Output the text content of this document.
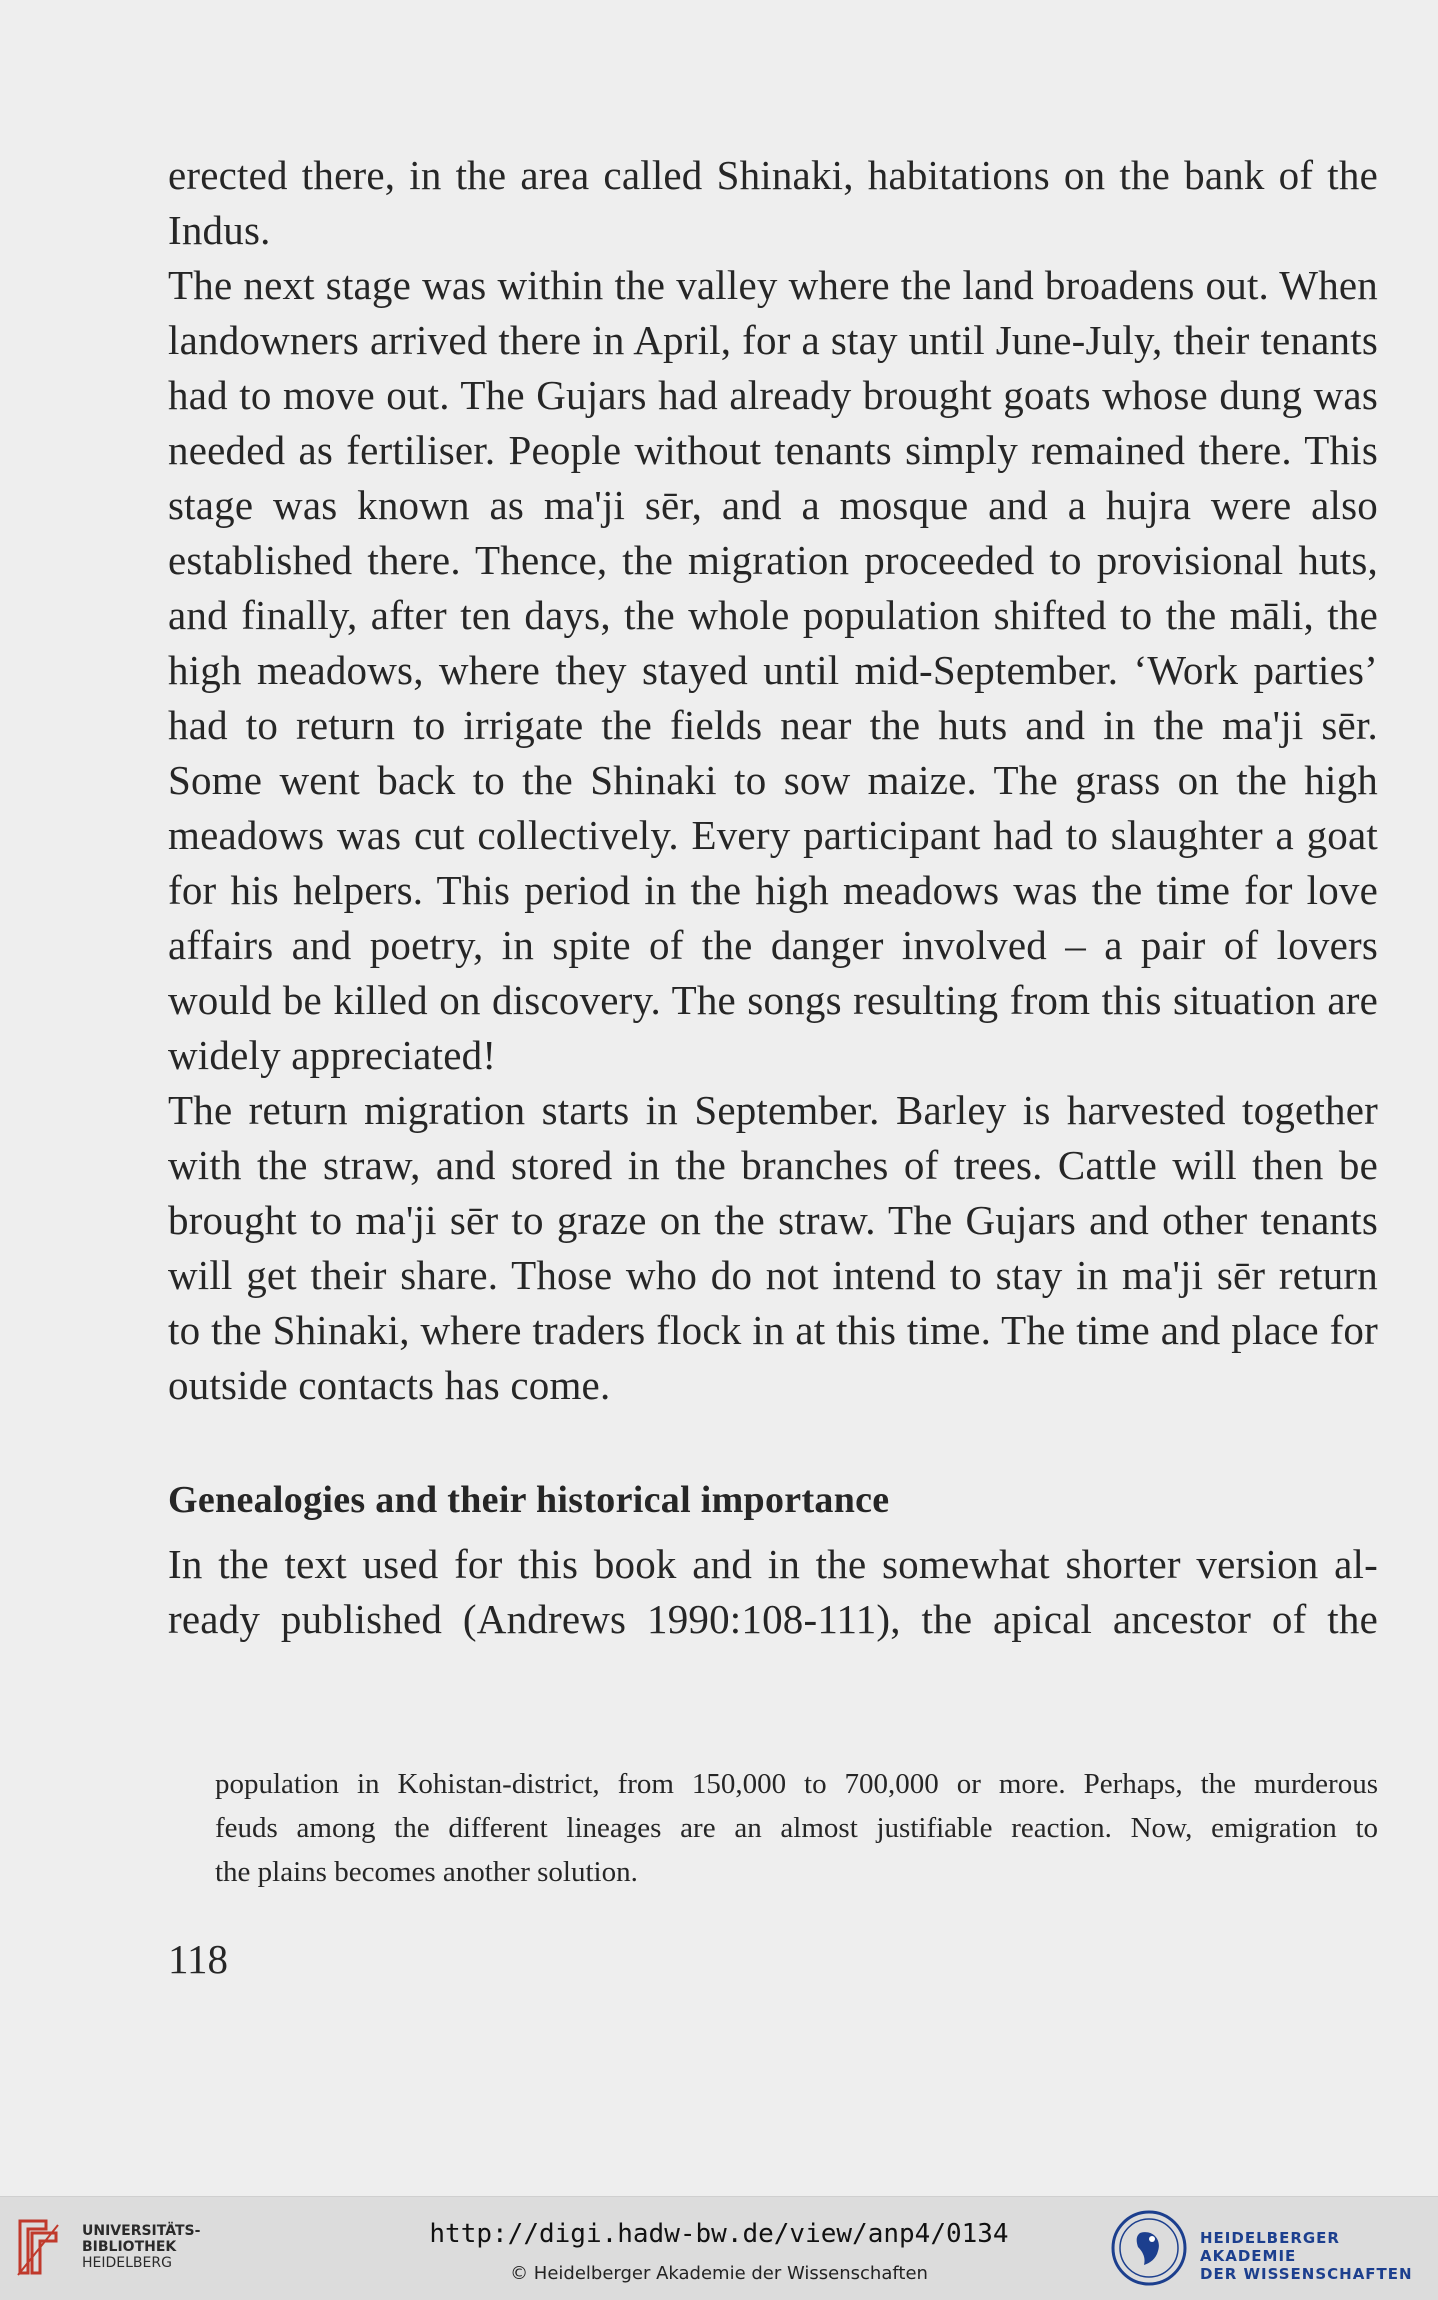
erected there, in the area called Shinaki, habitations on the bank of the
Indus.
The next stage was within the valley where the land broadens out. When
landowners arrived there in April, for a stay until June-July, their tenants
had to move out. The Gujars had already brought goats whose dung was
needed as fertiliser. People without tenants simply remained there. This
stage was known as ma'ji sēr, and a mosque and a hujra were also
established there. Thence, the migration proceeded to provisional huts,
and finally, after ten days, the whole population shifted to the māli, the
high meadows, where they stayed until mid-September. ‘Work parties’
had to return to irrigate the fields near the huts and in the ma'ji sēr.
Some went back to the Shinaki to sow maize. The grass on the high
meadows was cut collectively. Every participant had to slaughter a goat
for his helpers. This period in the high meadows was the time for love
affairs and poetry, in spite of the danger involved – a pair of lovers
would be killed on discovery. The songs resulting from this situation are
widely appreciated!
The return migration starts in September. Barley is harvested together
with the straw, and stored in the branches of trees. Cattle will then be
brought to ma'ji sēr to graze on the straw. The Gujars and other tenants
will get their share. Those who do not intend to stay in ma'ji sēr return
to the Shinaki, where traders flock in at this time. The time and place for
outside contacts has come.
Genealogies and their historical importance
In the text used for this book and in the somewhat shorter version al-
ready published (Andrews 1990:108-111), the apical ancestor of the
population in Kohistan-district, from 150,000 to 700,000 or more. Perhaps, the murderous
feuds among the different lineages are an almost justifiable reaction. Now, emigration to
the plains becomes another solution.
118
UNIVERSITÄTS-
BIBLIOTHEK
HEIDELBERG
http://digi.hadw-bw.de/view/anp4/0134
© Heidelberger Akademie der Wissenschaften
HEIDELBERGER AKADEMIE
DER WISSENSCHAFTEN
